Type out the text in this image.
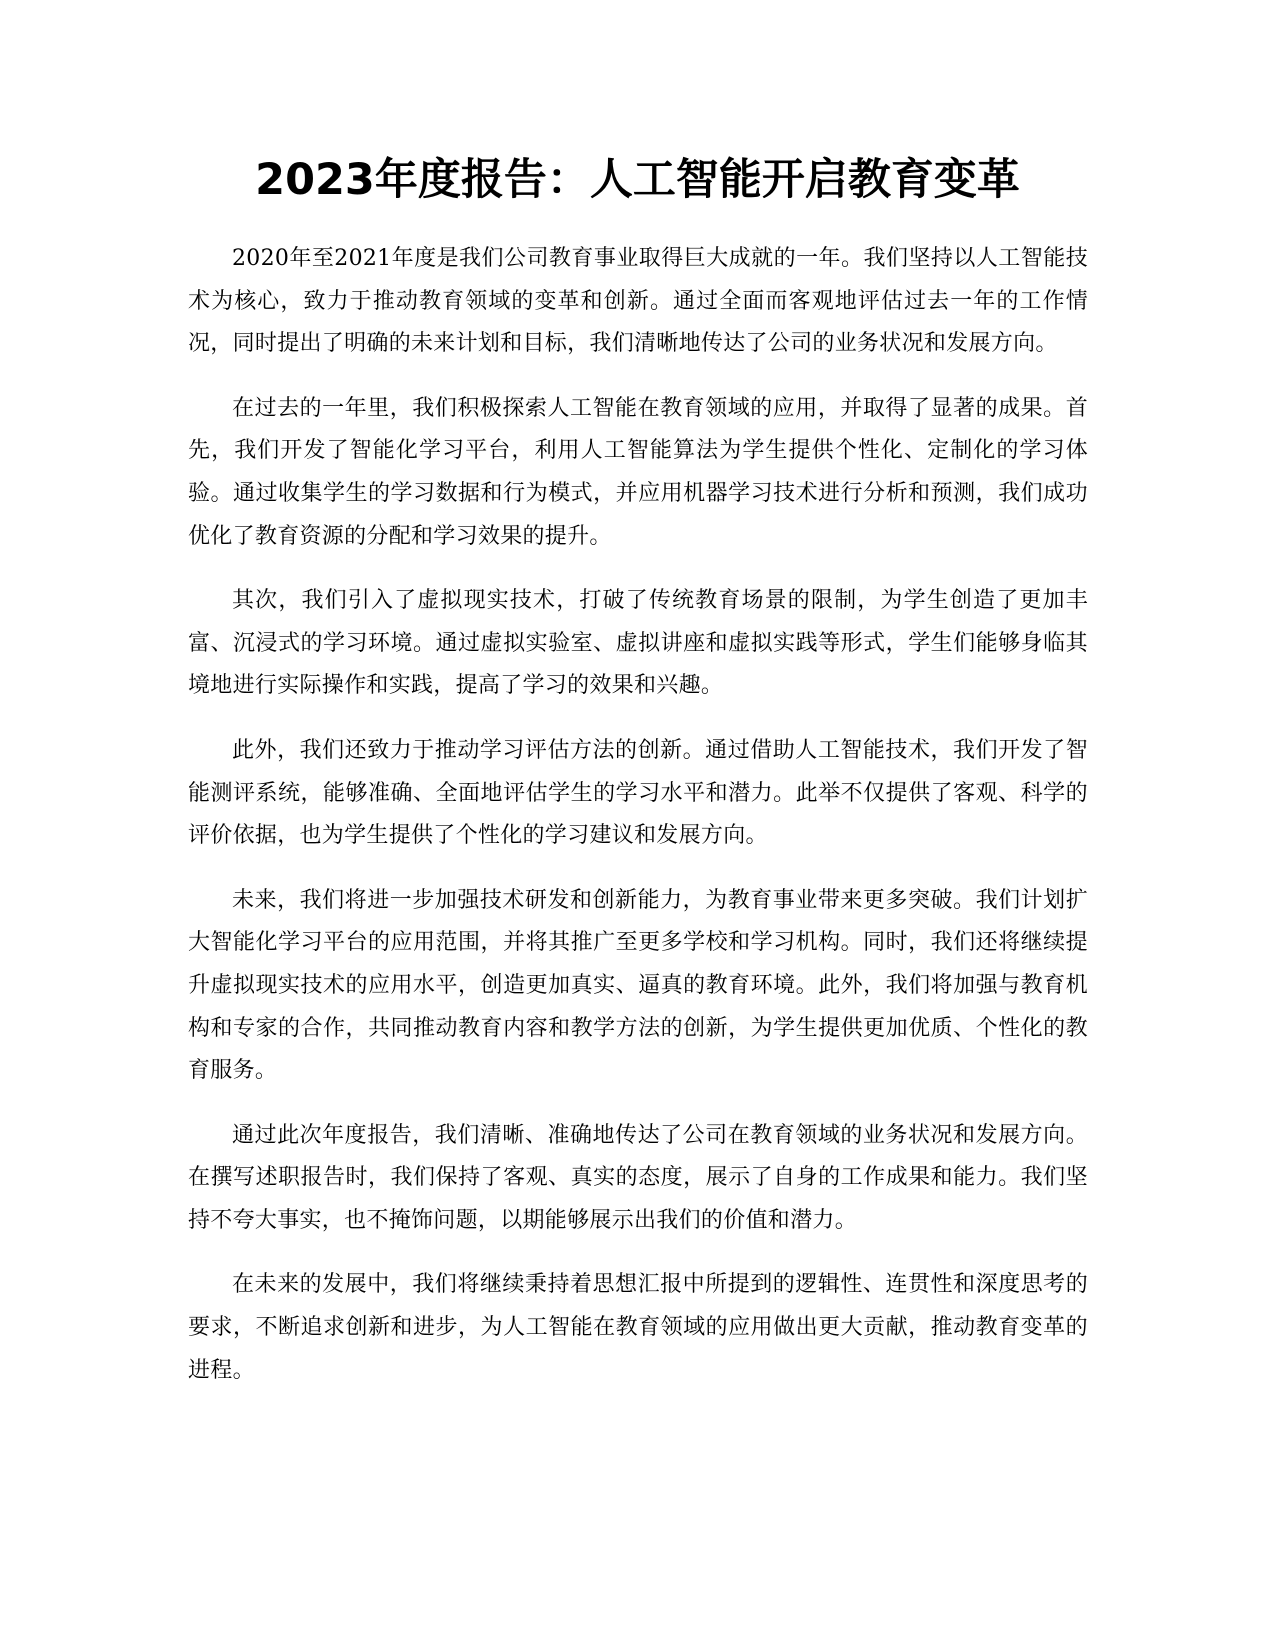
2023年度报告：人工智能开启教育变革

2020年至2021年度是我们公司教育事业取得巨大成就的一年。我们坚持以人工智能技术为核心，致力于推动教育领域的变革和创新。通过全面而客观地评估过去一年的工作情况，同时提出了明确的未来计划和目标，我们清晰地传达了公司的业务状况和发展方向。

在过去的一年里，我们积极探索人工智能在教育领域的应用，并取得了显著的成果。首先，我们开发了智能化学习平台，利用人工智能算法为学生提供个性化、定制化的学习体验。通过收集学生的学习数据和行为模式，并应用机器学习技术进行分析和预测，我们成功优化了教育资源的分配和学习效果的提升。

其次，我们引入了虚拟现实技术，打破了传统教育场景的限制，为学生创造了更加丰富、沉浸式的学习环境。通过虚拟实验室、虚拟讲座和虚拟实践等形式，学生们能够身临其境地进行实际操作和实践，提高了学习的效果和兴趣。

此外，我们还致力于推动学习评估方法的创新。通过借助人工智能技术，我们开发了智能测评系统，能够准确、全面地评估学生的学习水平和潜力。此举不仅提供了客观、科学的评价依据，也为学生提供了个性化的学习建议和发展方向。

未来，我们将进一步加强技术研发和创新能力，为教育事业带来更多突破。我们计划扩大智能化学习平台的应用范围，并将其推广至更多学校和学习机构。同时，我们还将继续提升虚拟现实技术的应用水平，创造更加真实、逼真的教育环境。此外，我们将加强与教育机构和专家的合作，共同推动教育内容和教学方法的创新，为学生提供更加优质、个性化的教育服务。

通过此次年度报告，我们清晰、准确地传达了公司在教育领域的业务状况和发展方向。在撰写述职报告时，我们保持了客观、真实的态度，展示了自身的工作成果和能力。我们坚持不夸大事实，也不掩饰问题，以期能够展示出我们的价值和潜力。

在未来的发展中，我们将继续秉持着思想汇报中所提到的逻辑性、连贯性和深度思考的要求，不断追求创新和进步，为人工智能在教育领域的应用做出更大贡献，推动教育变革的进程。
